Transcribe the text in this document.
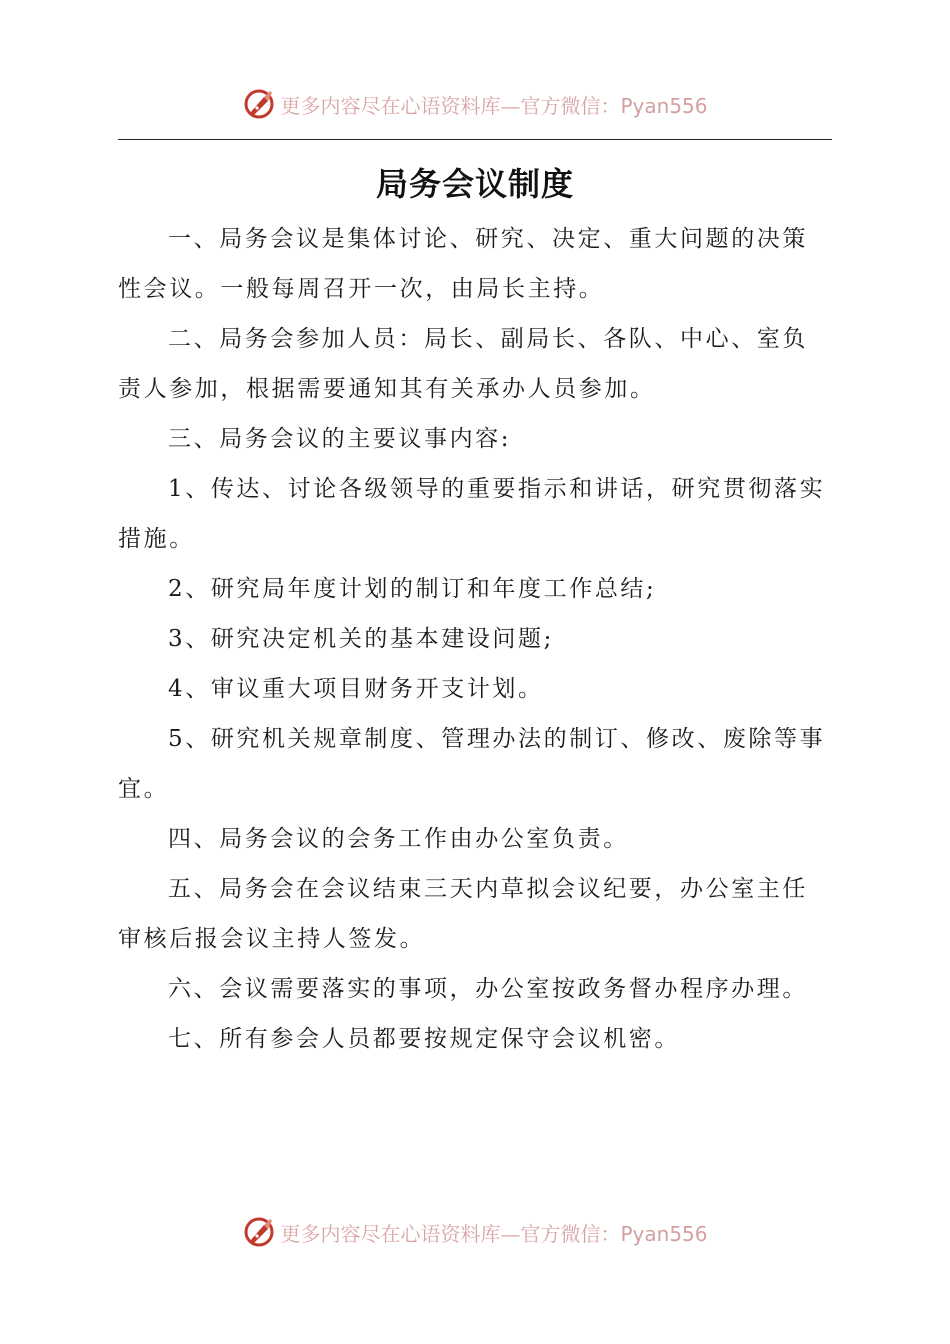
更多内容尽在心语资料库—官方微信：Pyan556
局务会议制度

一、局务会议是集体讨论、研究、决定、重大问题的决策性会议。一般每周召开一次，由局长主持。

二、局务会参加人员：局长、副局长、各队、中心、室负责人参加，根据需要通知其有关承办人员参加。

三、局务会议的主要议事内容:

1、传达、讨论各级领导的重要指示和讲话，研究贯彻落实措施。

2、研究局年度计划的制订和年度工作总结;

3、研究决定机关的基本建设问题;

4、审议重大项目财务开支计划。

5、研究机关规章制度、管理办法的制订、修改、废除等事宜。

四、局务会议的会务工作由办公室负责。

五、局务会在会议结束三天内草拟会议纪要，办公室主任审核后报会议主持人签发。

六、会议需要落实的事项，办公室按政务督办程序办理。

七、所有参会人员都要按规定保守会议机密。

更多内容尽在心语资料库—官方微信：Pyan556
